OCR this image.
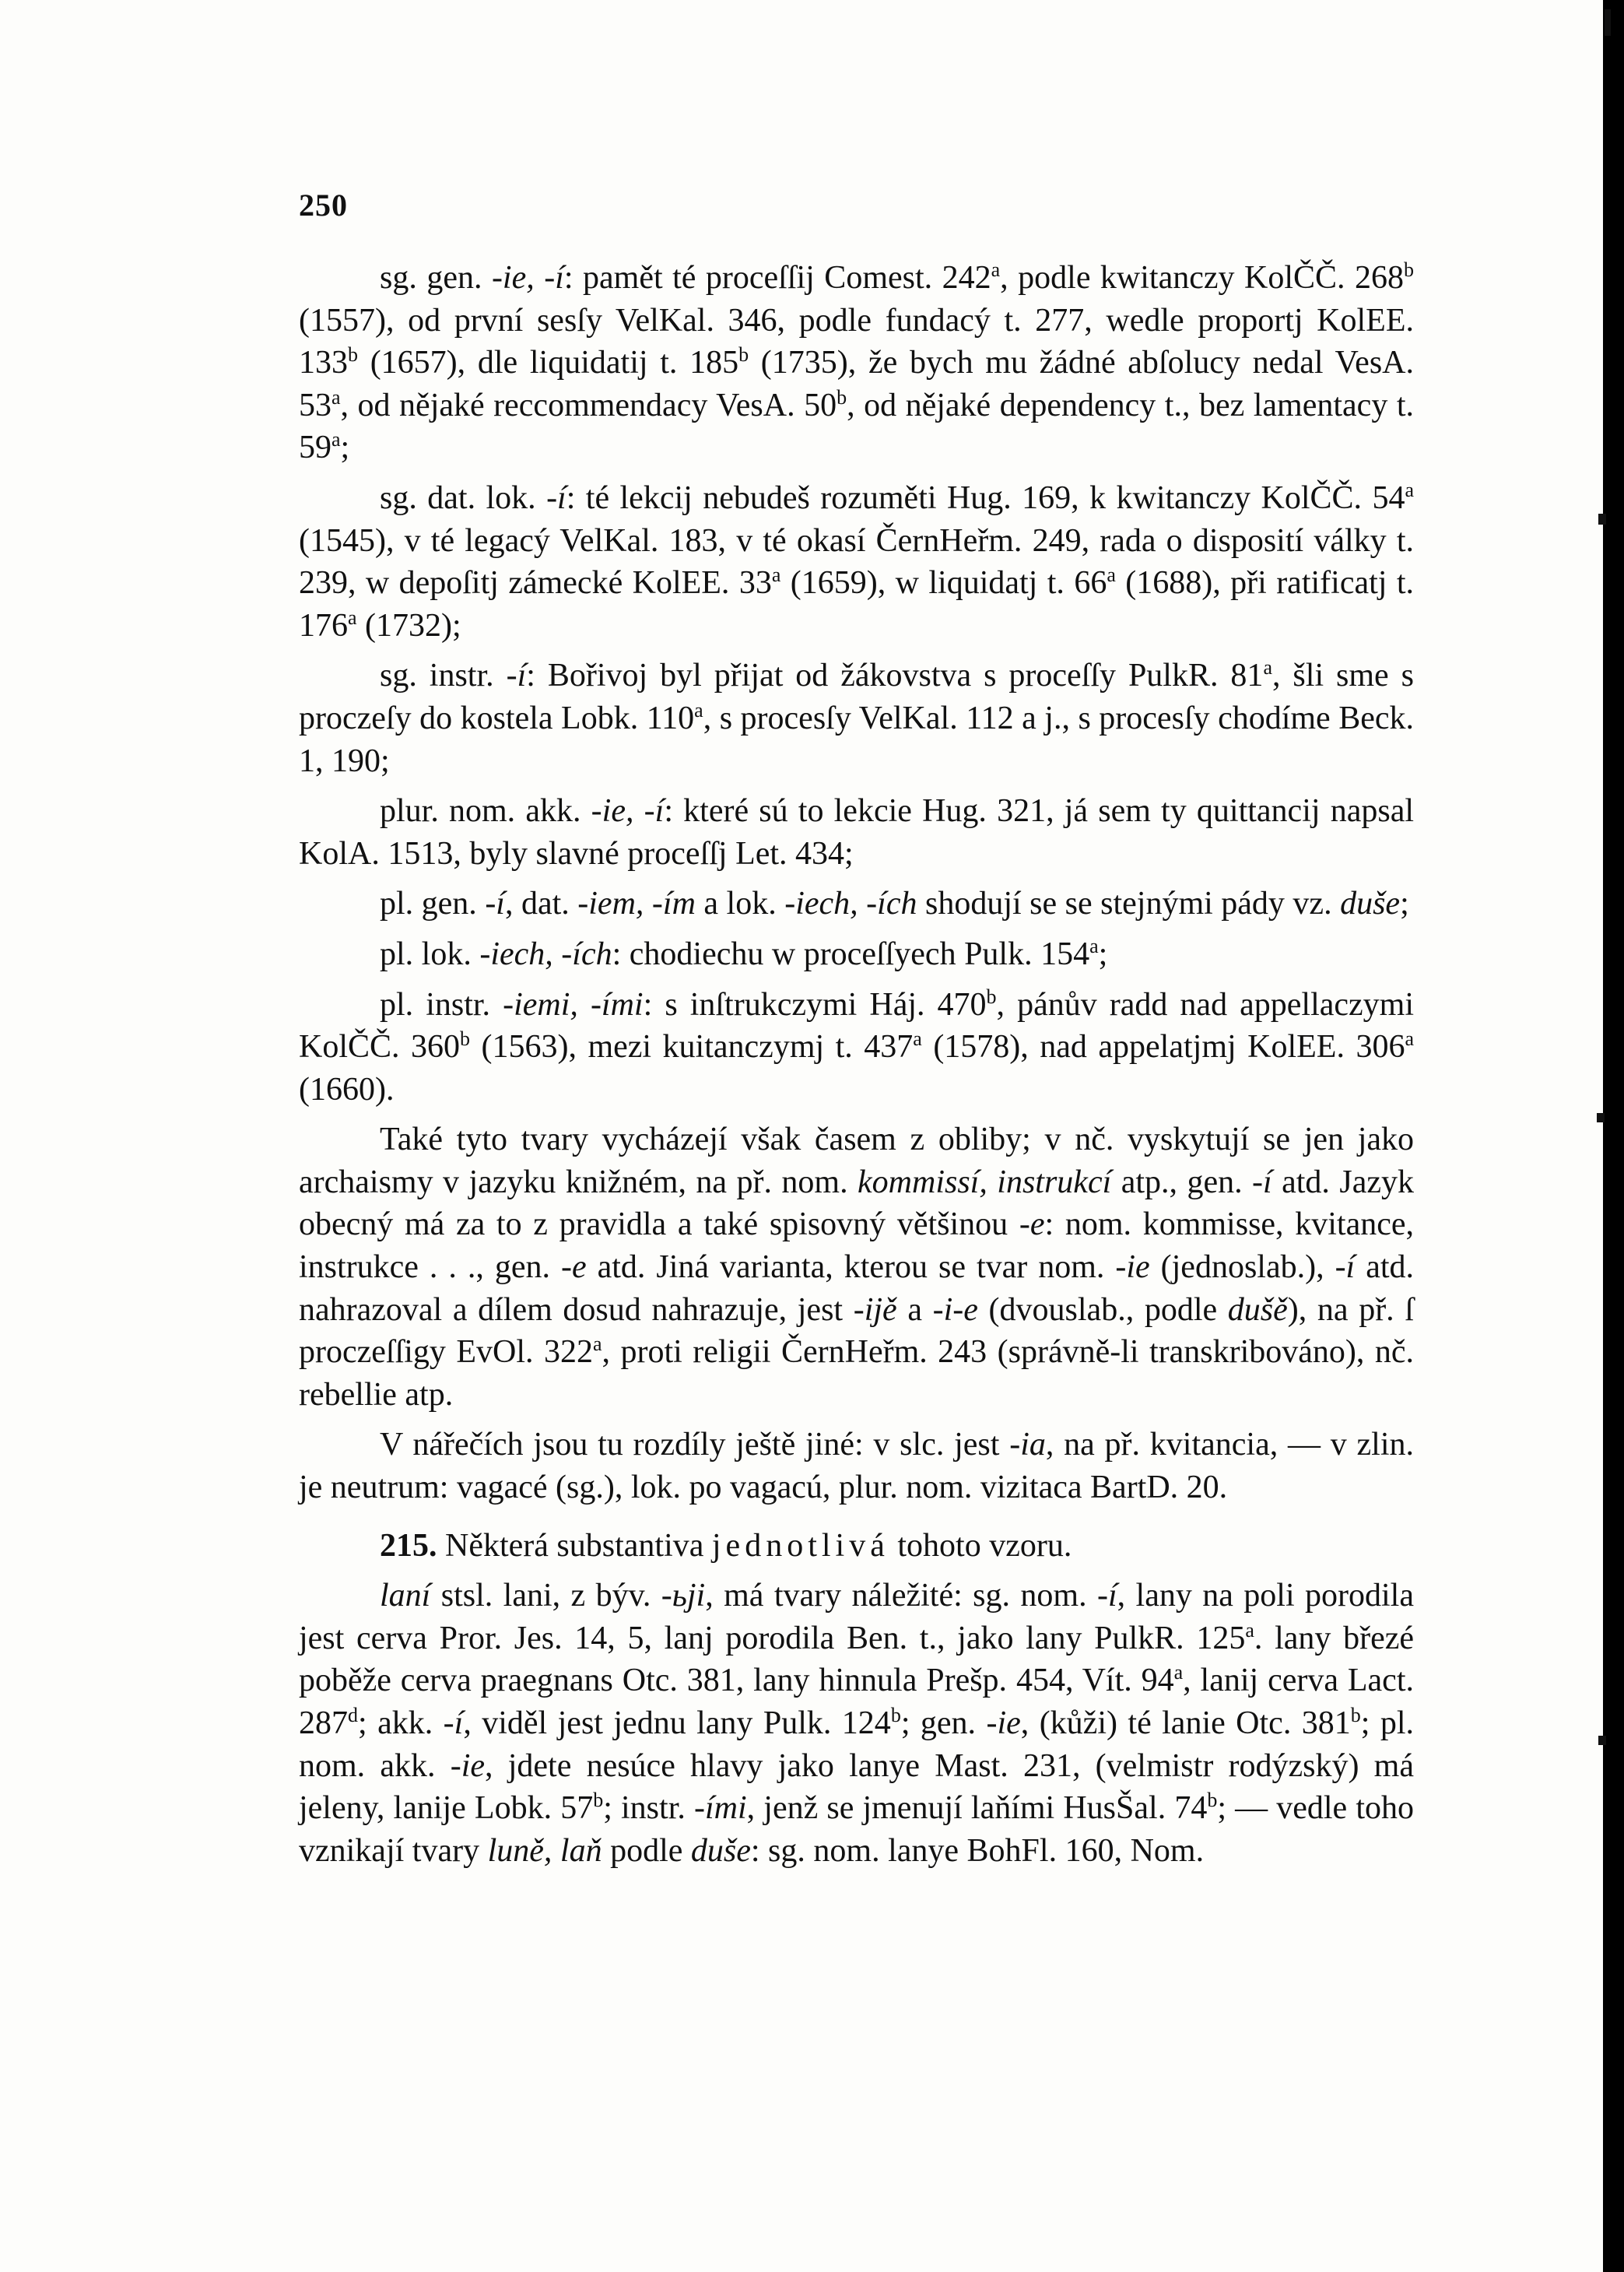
250

sg. gen. -ie, -í: pamět té proceſſij Comest. 242$^a$, podle kwitanczy KolČČ. 268$^b$ (1557), od první sesſy VelKal. 346, podle fundacý t. 277, wedle proportj KolEE. 133$^b$ (1657), dle liquidatij t. 185$^b$ (1735), že bych mu žádné abſolucy nedal VesA. 53$^a$, od nějaké reccommendacy VesA. 50$^b$, od nějaké dependency t., bez lamentacy t. 59$^a$;

sg. dat. lok. -í: té lekcij nebudeš rozuměti Hug. 169, k kwitanczy KolČČ. 54$^a$ (1545), v té legacý VelKal. 183, v té okasí ČernHeřm. 249, rada o disposití války t. 239, w depoſitj zámecké KolEE. 33$^a$ (1659), w liquidatj t. 66$^a$ (1688), při ratificatj t. 176$^a$ (1732);

sg. instr. -í: Bořivoj byl přijat od žákovstva s proceſſy PulkR. 81$^a$, šli sme s proczeſy do kostela Lobk. 110$^a$, s procesſy VelKal. 112 a j., s procesſy chodíme Beck. 1, 190;

plur. nom. akk. -ie, -í: které sú to lekcie Hug. 321, já sem ty quittancij napsal KolA. 1513, byly slavné proceſſj Let. 434;

pl. gen. -í, dat. -iem, -ím a lok. -iech, -ích shodují se se stejnými pády vz. duše;

pl. lok. -iech, -ích: chodiechu w proceſſyech Pulk. 154$^a$;

pl. instr. -iemi, -ími: s inſtrukczymi Háj. 470$^b$, pánův radd nad appellaczymi KolČČ. 360$^b$ (1563), mezi kuitanczymj t. 437$^a$ (1578), nad appelatjmj KolEE. 306$^a$ (1660).

Také tyto tvary vycházejí však časem z obliby; v nč. vyskytují se jen jako archaismy v jazyku knižném, na př. nom. kommissí, instrukcí atp., gen. -í atd. Jazyk obecný má za to z pravidla a také spisovný většinou -e: nom. kommisse, kvitance, instrukce . . ., gen. -e atd. Jiná varianta, kterou se tvar nom. -ie (jednoslab.), -í atd. nahrazoval a dílem dosud nahrazuje, jest -ijě a -i-e (dvouslab., podle dušě), na př. ſ proczeſſigy EvOl. 322$^a$, proti religii ČernHeřm. 243 (správně-li transkribováno), nč. rebellie atp.

V nářečích jsou tu rozdíly ještě jiné: v slc. jest -ia, na př. kvitancia, — v zlin. je neutrum: vagacé (sg.), lok. po vagacú, plur. nom. vizitaca BartD. 20.

215. Některá substantiva jednotlivá tohoto vzoru.

laní stsl. lani, z býv. -ьji, má tvary náležité: sg. nom. -í, lany na poli porodila jest cerva Pror. Jes. 14, 5, lanj porodila Ben. t., jako lany PulkR. 125$^a$. lany březé poběže cerva praegnans Otc. 381, lany hinnula Prešp. 454, Vít. 94$^a$, lanij cerva Lact. 287$^d$; akk. -í, viděl jest jednu lany Pulk. 124$^b$; gen. -ie, (kůži) té lanie Otc. 381$^b$; pl. nom. akk. -ie, jdete nesúce hlavy jako lanye Mast. 231, (velmistr rodýzský) má jeleny, lanije Lobk. 57$^b$; instr. -ími, jenž se jmenují laňími HusŠal. 74$^b$; — vedle toho vznikají tvary luně, laň podle duše: sg. nom. lanye BohFl. 160, Nom.
